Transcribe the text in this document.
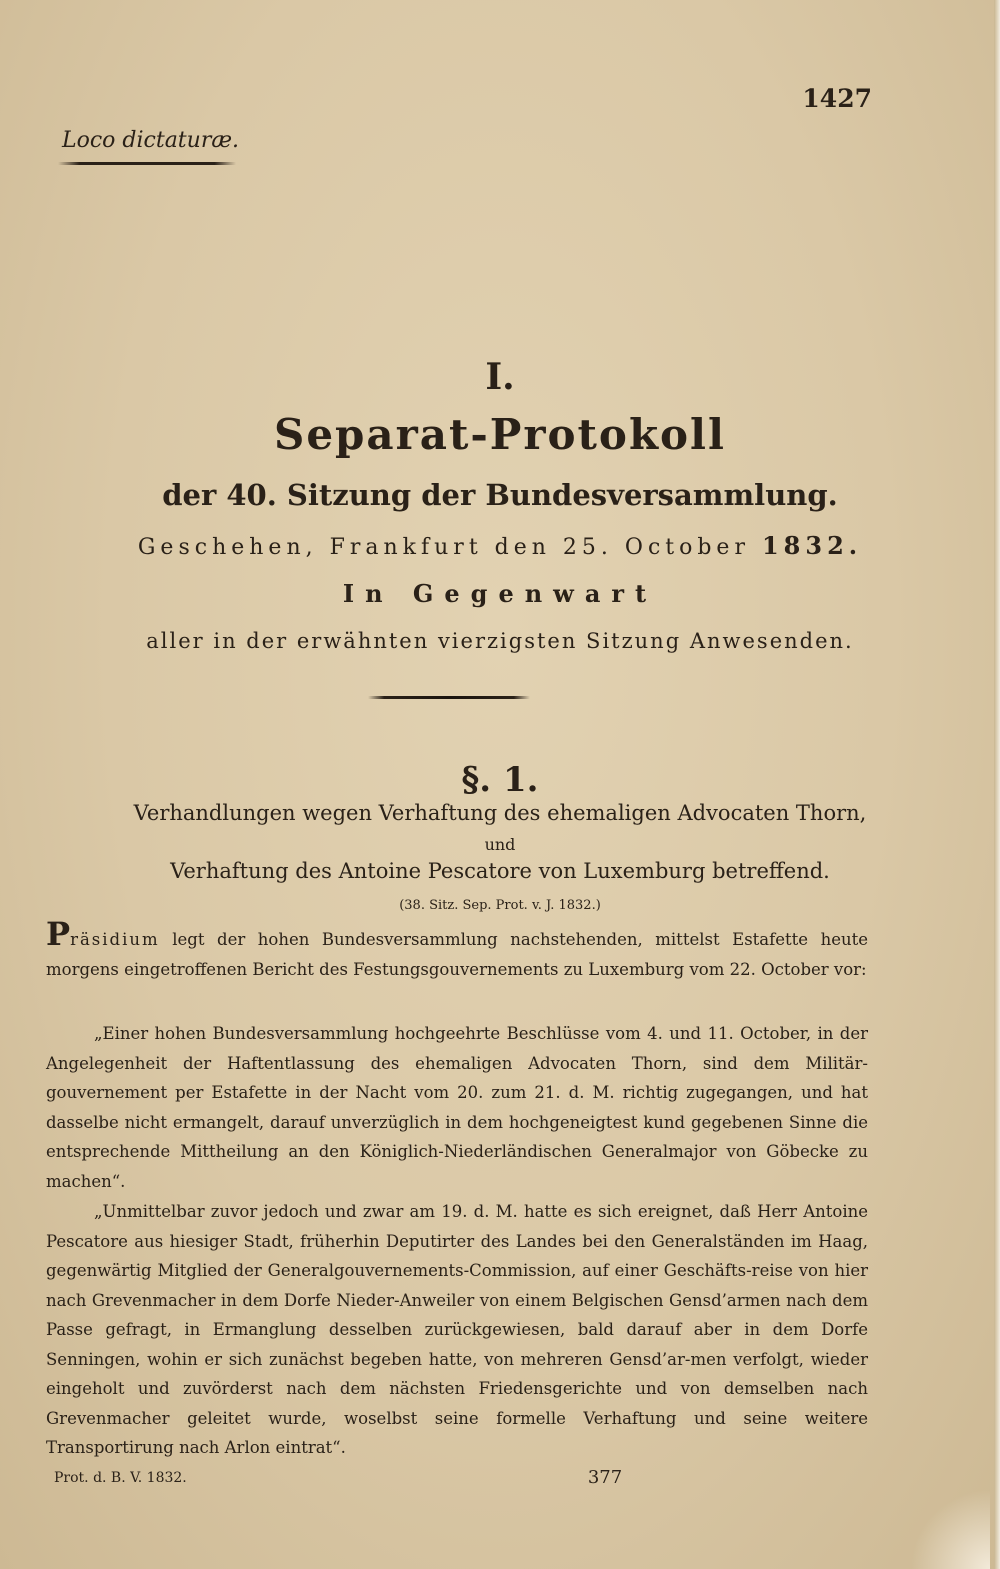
1427
Loco dictaturæ.
I.
Separat-Protokoll
der 40. Sitzung der Bundesversammlung.
Geschehen, Frankfurt den 25. October 1832.
In Gegenwart
aller in der erwähnten vierzigsten Sitzung Anwesenden.
§. 1.
Verhandlungen wegen Verhaftung des ehemaligen Advocaten Thorn,
und
Verhaftung des Antoine Pescatore von Luxemburg betreffend.
(38. Sitz. Sep. Prot. v. J. 1832.)
Präsidium legt der hohen Bundesversammlung nachstehenden, mittelst Estafette heute morgens eingetroffenen Bericht des Festungsgouvernements zu Luxemburg vom 22. October vor:
„Einer hohen Bundesversammlung hochgeehrte Beschlüsse vom 4. und 11. October, in der Angelegenheit der Haftentlassung des ehemaligen Advocaten Thorn, sind dem Militär-gouvernement per Estafette in der Nacht vom 20. zum 21. d. M. richtig zugegangen, und hat dasselbe nicht ermangelt, darauf unverzüglich in dem hochgeneigtest kund gegebenen Sinne die entsprechende Mittheilung an den Königlich-Niederländischen Generalmajor von Göbecke zu machen“.
„Unmittelbar zuvor jedoch und zwar am 19. d. M. hatte es sich ereignet, daß Herr Antoine Pescatore aus hiesiger Stadt, früherhin Deputirter des Landes bei den Generalständen im Haag, gegenwärtig Mitglied der Generalgouvernements-Commission, auf einer Geschäfts-reise von hier nach Grevenmacher in dem Dorfe Nieder-Anweiler von einem Belgischen Gensd’armen nach dem Passe gefragt, in Ermanglung desselben zurückgewiesen, bald darauf aber in dem Dorfe Senningen, wohin er sich zunächst begeben hatte, von mehreren Gensd’ar-men verfolgt, wieder eingeholt und zuvörderst nach dem nächsten Friedensgerichte und von demselben nach Grevenmacher geleitet wurde, woselbst seine formelle Verhaftung und seine weitere Transportirung nach Arlon eintrat“.
Prot. d. B. V. 1832.	377
